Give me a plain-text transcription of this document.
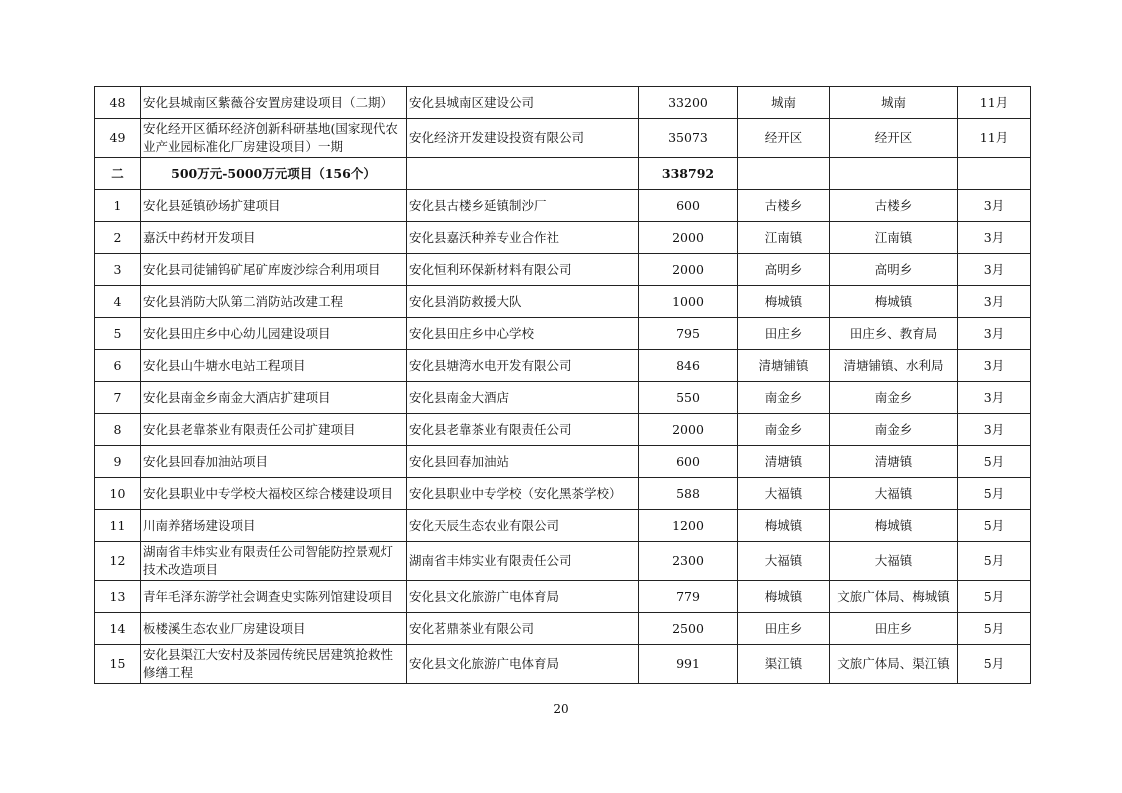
48	安化县城南区紫薇谷安置房建设项目（二期）	安化县城南区建设公司	33200	城南	城南	11月
49	安化经开区循环经济创新科研基地(国家现代农业产业园标准化厂房建设项目）一期	安化经济开发建设投资有限公司	35073	经开区	经开区	11月
二	500万元-5000万元项目（156个）		338792			
1	安化县延镇砂场扩建项目	安化县古楼乡延镇制沙厂	600	古楼乡	古楼乡	3月
2	嘉沃中药材开发项目	安化县嘉沃种养专业合作社	2000	江南镇	江南镇	3月
3	安化县司徒铺钨矿尾矿库废沙综合利用项目	安化恒利环保新材料有限公司	2000	高明乡	高明乡	3月
4	安化县消防大队第二消防站改建工程	安化县消防救援大队	1000	梅城镇	梅城镇	3月
5	安化县田庄乡中心幼儿园建设项目	安化县田庄乡中心学校	795	田庄乡	田庄乡、教育局	3月
6	安化县山牛塘水电站工程项目	安化县塘湾水电开发有限公司	846	清塘铺镇	清塘铺镇、水利局	3月
7	安化县南金乡南金大酒店扩建项目	安化县南金大酒店	550	南金乡	南金乡	3月
8	安化县老靠茶业有限责任公司扩建项目	安化县老靠茶业有限责任公司	2000	南金乡	南金乡	3月
9	安化县回春加油站项目	安化县回春加油站	600	清塘镇	清塘镇	5月
10	安化县职业中专学校大福校区综合楼建设项目	安化县职业中专学校（安化黑茶学校）	588	大福镇	大福镇	5月
11	川南养猪场建设项目	安化天辰生态农业有限公司	1200	梅城镇	梅城镇	5月
12	湖南省丰炜实业有限责任公司智能防控景观灯技术改造项目	湖南省丰炜实业有限责任公司	2300	大福镇	大福镇	5月
13	青年毛泽东游学社会调查史实陈列馆建设项目	安化县文化旅游广电体育局	779	梅城镇	文旅广体局、梅城镇	5月
14	板楼溪生态农业厂房建设项目	安化茗鼎茶业有限公司	2500	田庄乡	田庄乡	5月
15	安化县渠江大安村及茶园传统民居建筑抢救性修缮工程	安化县文化旅游广电体育局	991	渠江镇	文旅广体局、渠江镇	5月
20
